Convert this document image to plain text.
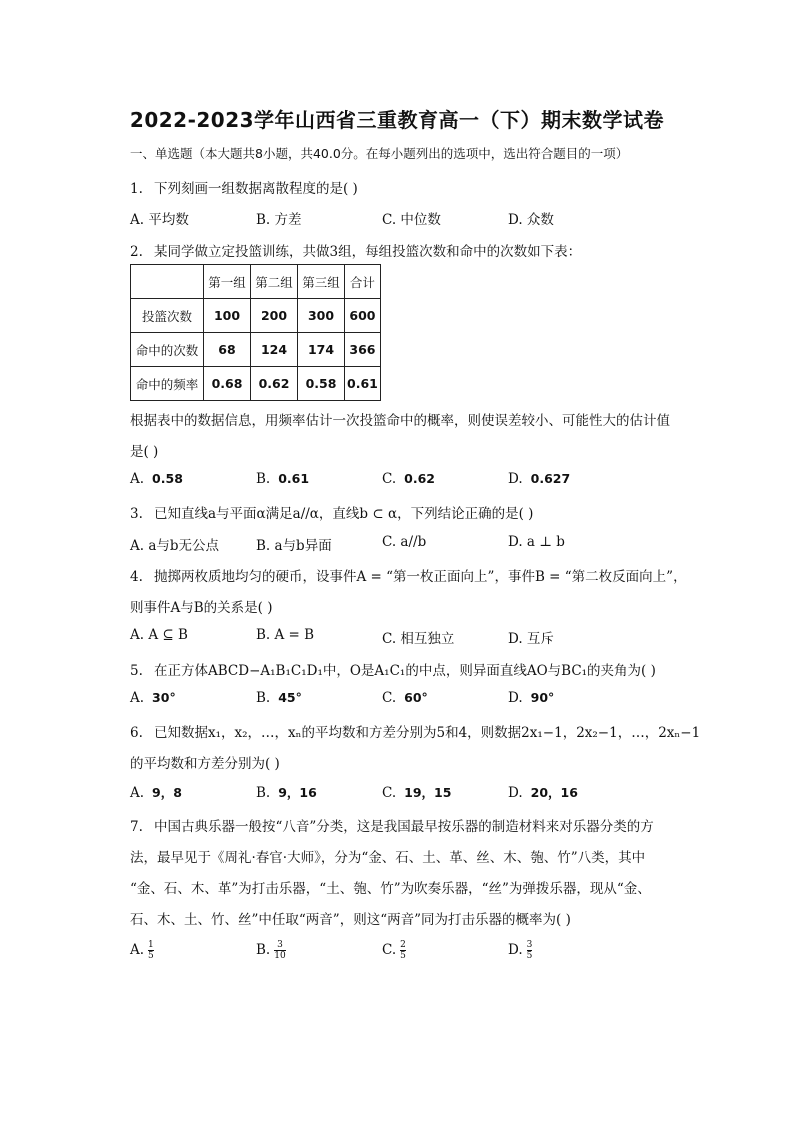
2022-2023学年山西省三重教育高一（下）期末数学试卷
一、单选题（本大题共8小题，共40.0分。在每小题列出的选项中，选出符合题目的一项）
1. 下列刻画一组数据离散程度的是( )
A. 平均数	B. 方差	C. 中位数	D. 众数
2. 某同学做立定投篮训练，共做3组，每组投篮次数和命中的次数如下表：
	第一组	第二组	第三组	合计
投篮次数	100	200	300	600
命中的次数	68	124	174	366
命中的频率	0.68	0.62	0.58	0.61
根据表中的数据信息，用频率估计一次投篮命中的概率，则使误差较小、可能性大的估计值
是( )
A. 0.58	B. 0.61	C. 0.62	D. 0.627
3. 已知直线a与平面α满足a//α，直线b ⊂ α，下列结论正确的是( )
A. a与b无公点	B. a与b异面	C. a//b	D. a ⊥ b
4. 抛掷两枚质地均匀的硬币，设事件A = “第一枚正面向上”，事件B = “第二枚反面向上”，
则事件A与B的关系是( )
A. A ⊆ B	B. A = B	C. 相互独立	D. 互斥
5. 在正方体ABCD−A₁B₁C₁D₁中，O是A₁C₁的中点，则异面直线AO与BC₁的夹角为( )
A. 30°	B. 45°	C. 60°	D. 90°
6. 已知数据x₁，x₂，…，xₙ的平均数和方差分别为5和4，则数据2x₁−1，2x₂−1，…，2xₙ−1
的平均数和方差分别为( )
A. 9，8	B. 9，16	C. 19，15	D. 20，16
7. 中国古典乐器一般按“八音”分类，这是我国最早按乐器的制造材料来对乐器分类的方
法，最早见于《周礼·春官·大师》，分为“金、石、土、革、丝、木、匏、竹”八类，其中
“金、石、木、革”为打击乐器，“土、匏、竹”为吹奏乐器，“丝”为弹拨乐器，现从“金、
石、木、土、竹、丝”中任取“两音”，则这“两音”同为打击乐器的概率为( )
A. $\frac{1}{5}$	B. $\frac{3}{10}$	C. $\frac{2}{5}$	D. $\frac{3}{5}$
